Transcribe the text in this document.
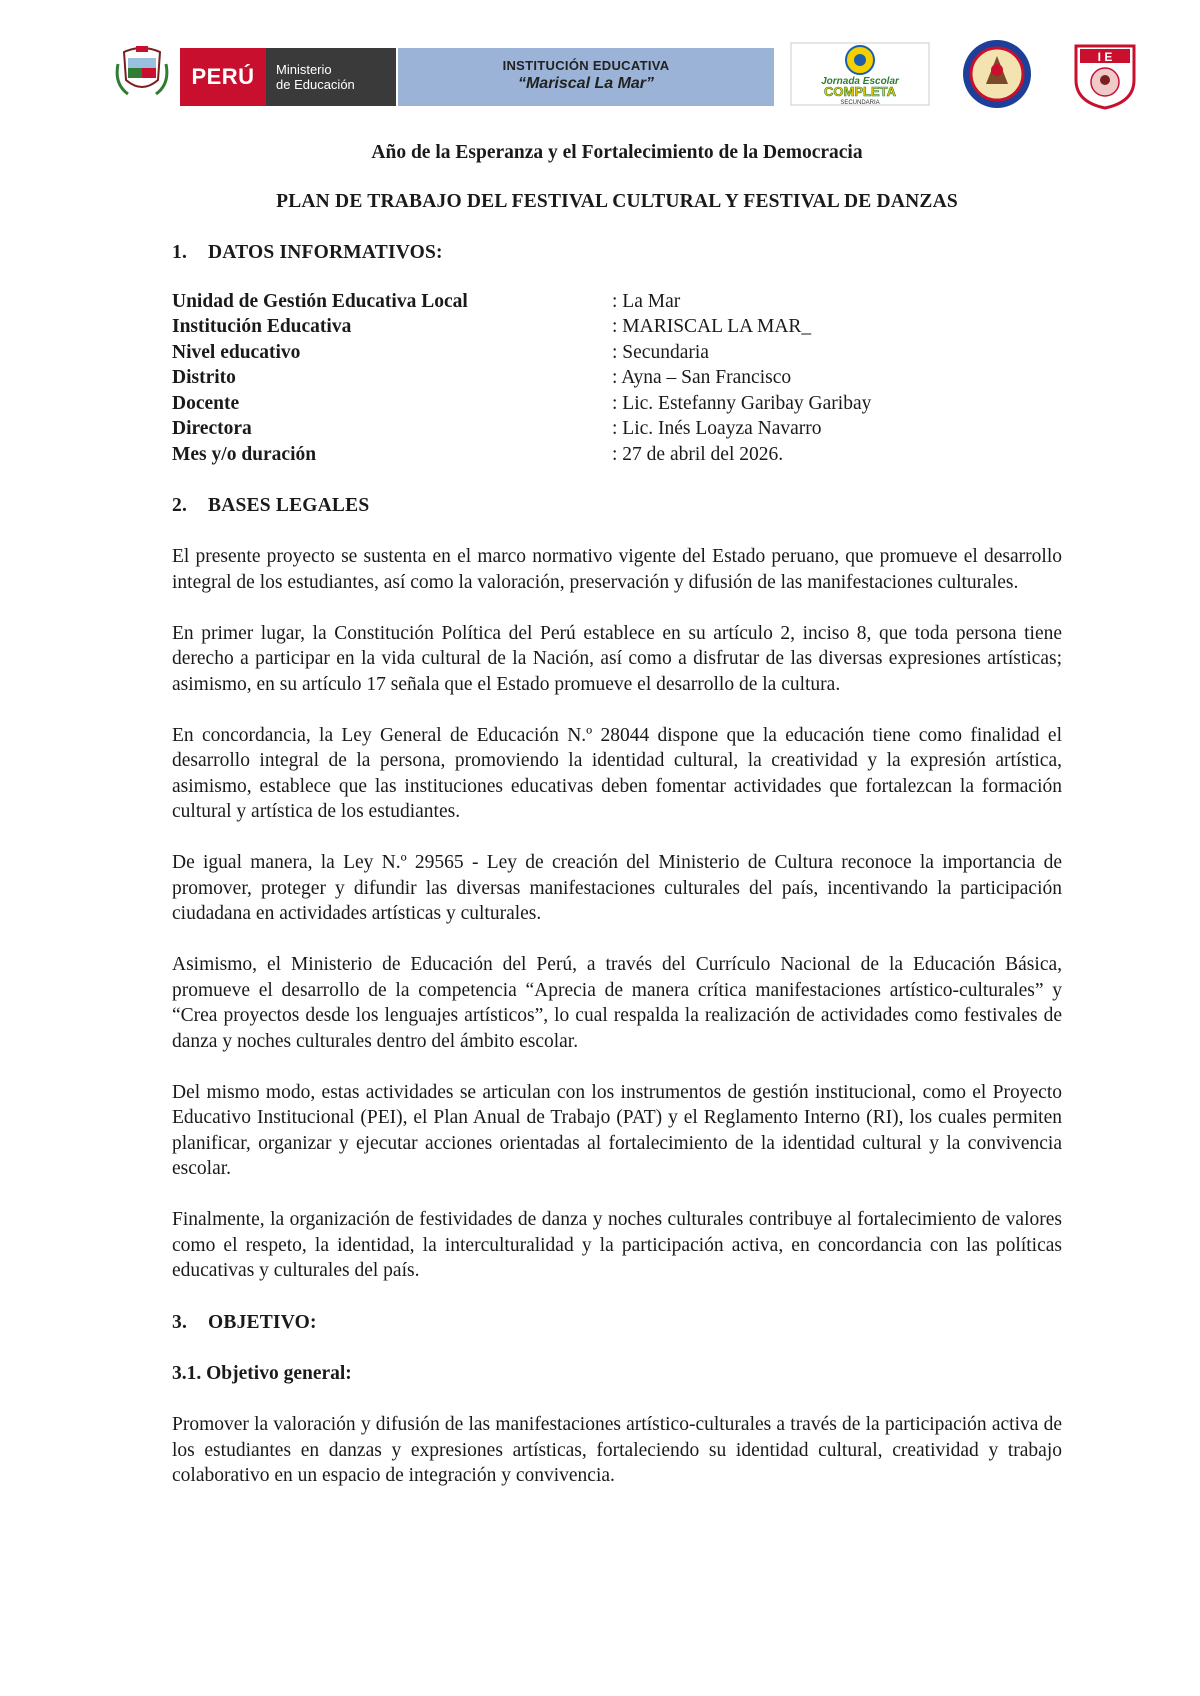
PERÚ	Ministerio
de Educación
INSTITUCIÓN EDUCATIVA
“Mariscal La Mar”	Jornada Escolar
COMPLETA
SECUNDARIA
I E

Año de la Esperanza y el Fortalecimiento de la Democracia

PLAN DE TRABAJO DEL FESTIVAL CULTURAL Y FESTIVAL DE DANZAS

1. DATOS INFORMATIVOS:
Unidad de Gestión Educativa Local	: La Mar
Institución Educativa	: MARISCAL LA MAR_
Nivel educativo	: Secundaria
Distrito	: Ayna – San Francisco
Docente	: Lic. Estefanny Garibay Garibay
Directora	: Lic. Inés Loayza Navarro
Mes y/o duración	: 27 de abril del 2026.
2. BASES LEGALES

El presente proyecto se sustenta en el marco normativo vigente del Estado peruano, que promueve el desarrollo integral de los estudiantes, así como la valoración, preservación y difusión de las manifestaciones culturales.

En primer lugar, la Constitución Política del Perú establece en su artículo 2, inciso 8, que toda persona tiene derecho a participar en la vida cultural de la Nación, así como a disfrutar de las diversas expresiones artísticas; asimismo, en su artículo 17 señala que el Estado promueve el desarrollo de la cultura.

En concordancia, la Ley General de Educación N.º 28044 dispone que la educación tiene como finalidad el desarrollo integral de la persona, promoviendo la identidad cultural, la creatividad y la expresión artística, asimismo, establece que las instituciones educativas deben fomentar actividades que fortalezcan la formación cultural y artística de los estudiantes.

De igual manera, la Ley N.º 29565 - Ley de creación del Ministerio de Cultura reconoce la importancia de promover, proteger y difundir las diversas manifestaciones culturales del país, incentivando la participación ciudadana en actividades artísticas y culturales.

Asimismo, el Ministerio de Educación del Perú, a través del Currículo Nacional de la Educación Básica, promueve el desarrollo de la competencia “Aprecia de manera crítica manifestaciones artístico-culturales” y “Crea proyectos desde los lenguajes artísticos”, lo cual respalda la realización de actividades como festivales de danza y noches culturales dentro del ámbito escolar.

Del mismo modo, estas actividades se articulan con los instrumentos de gestión institucional, como el Proyecto Educativo Institucional (PEI), el Plan Anual de Trabajo (PAT) y el Reglamento Interno (RI), los cuales permiten planificar, organizar y ejecutar acciones orientadas al fortalecimiento de la identidad cultural y la convivencia escolar.

Finalmente, la organización de festividades de danza y noches culturales contribuye al fortalecimiento de valores como el respeto, la identidad, la interculturalidad y la participación activa, en concordancia con las políticas educativas y culturales del país.

3. OBJETIVO:
3.1. Objetivo general:

Promover la valoración y difusión de las manifestaciones artístico-culturales a través de la participación activa de los estudiantes en danzas y expresiones artísticas, fortaleciendo su identidad cultural, creatividad y trabajo colaborativo en un espacio de integración y convivencia.
